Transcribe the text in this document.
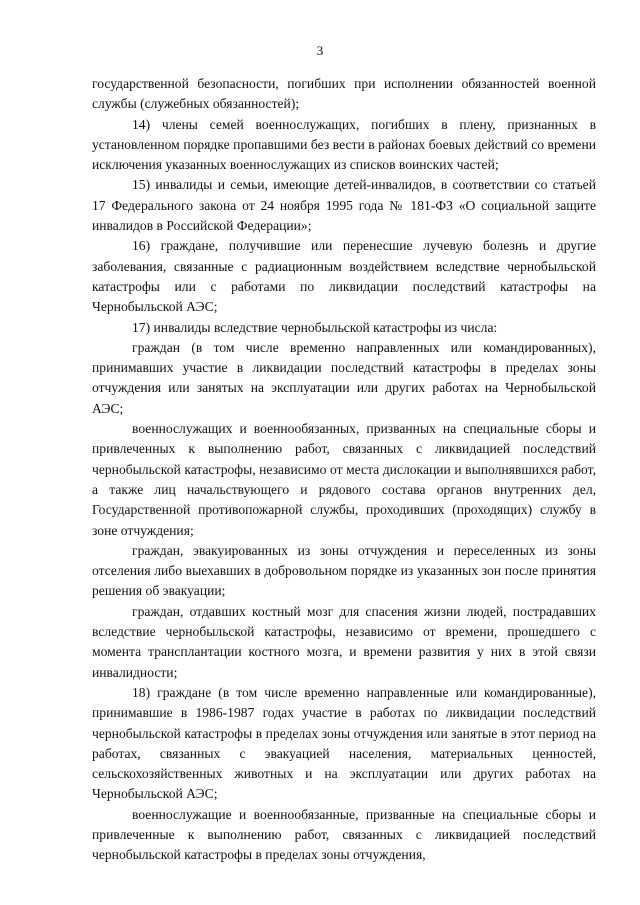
3

государственной безопасности, погибших при исполнении обязанностей военной службы (служебных обязанностей);

14) члены семей военнослужащих, погибших в плену, признанных в установленном порядке пропавшими без вести в районах боевых действий со времени исключения указанных военнослужащих из списков воинских частей;

15) инвалиды и семьи, имеющие детей-инвалидов, в соответствии со статьей 17 Федерального закона от 24 ноября 1995 года № 181-ФЗ «О социальной защите инвалидов в Российской Федерации»;

16) граждане, получившие или перенесшие лучевую болезнь и другие заболевания, связанные с радиационным воздействием вследствие чернобыльской катастрофы или с работами по ликвидации последствий катастрофы на Чернобыльской АЭС;

17) инвалиды вследствие чернобыльской катастрофы из числа:

граждан (в том числе временно направленных или командированных), принимавших участие в ликвидации последствий катастрофы в пределах зоны отчуждения или занятых на эксплуатации или других работах на Чернобыльской АЭС;

военнослужащих и военнообязанных, призванных на специальные сборы и привлеченных к выполнению работ, связанных с ликвидацией последствий чернобыльской катастрофы, независимо от места дислокации и выполнявшихся работ, а также лиц начальствующего и рядового состава органов внутренних дел, Государственной противопожарной службы, проходивших (проходящих) службу в зоне отчуждения;

граждан, эвакуированных из зоны отчуждения и переселенных из зоны отселения либо выехавших в добровольном порядке из указанных зон после принятия решения об эвакуации;

граждан, отдавших костный мозг для спасения жизни людей, пострадавших вследствие чернобыльской катастрофы, независимо от времени, прошедшего с момента трансплантации костного мозга, и времени развития у них в этой связи инвалидности;

18) граждане (в том числе временно направленные или командированные), принимавшие в 1986-1987 годах участие в работах по ликвидации последствий чернобыльской катастрофы в пределах зоны отчуждения или занятые в этот период на работах, связанных с эвакуацией населения, материальных ценностей, сельскохозяйственных животных и на эксплуатации или других работах на Чернобыльской АЭС;

военнослужащие и военнообязанные, призванные на специальные сборы и привлеченные к выполнению работ, связанных с ликвидацией последствий чернобыльской катастрофы в пределах зоны отчуждения,
